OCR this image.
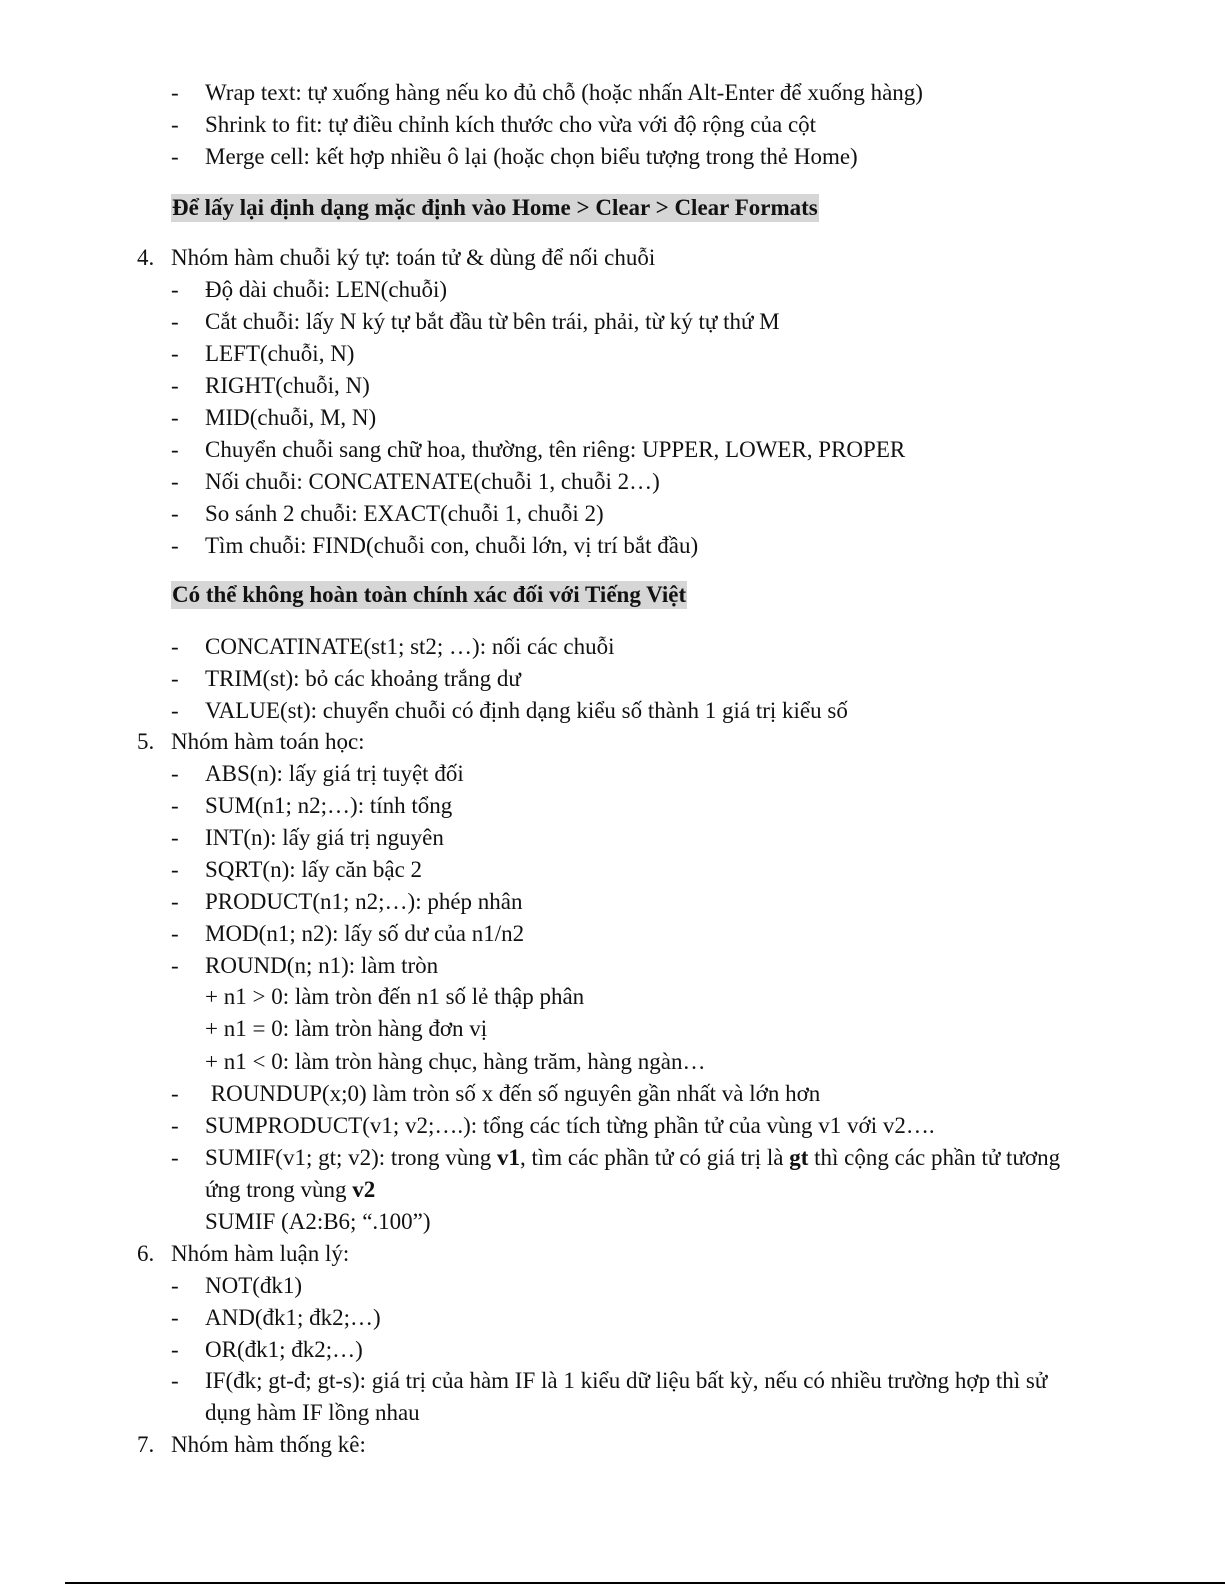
- Wrap text: tự xuống hàng nếu ko đủ chỗ (hoặc nhấn Alt-Enter để xuống hàng)
- Shrink to fit: tự điều chỉnh kích thước cho vừa với độ rộng của cột
- Merge cell: kết hợp nhiều ô lại (hoặc chọn biểu tượng trong thẻ Home)
Để lấy lại định dạng mặc định vào Home > Clear > Clear Formats
4. Nhóm hàm chuỗi ký tự: toán tử & dùng để nối chuỗi
- Độ dài chuỗi: LEN(chuỗi)
- Cắt chuỗi: lấy N ký tự bắt đầu từ bên trái, phải, từ ký tự thứ M
- LEFT(chuỗi, N)
- RIGHT(chuỗi, N)
- MID(chuỗi, M, N)
- Chuyển chuỗi sang chữ hoa, thường, tên riêng: UPPER, LOWER, PROPER
- Nối chuỗi: CONCATENATE(chuỗi 1, chuỗi 2…)
- So sánh 2 chuỗi: EXACT(chuỗi 1, chuỗi 2)
- Tìm chuỗi: FIND(chuỗi con, chuỗi lớn, vị trí bắt đầu)
Có thể không hoàn toàn chính xác đối với Tiếng Việt
- CONCATINATE(st1; st2; …): nối các chuỗi
- TRIM(st): bỏ các khoảng trắng dư
- VALUE(st): chuyển chuỗi có định dạng kiểu số thành 1 giá trị kiểu số
5. Nhóm hàm toán học:
- ABS(n): lấy giá trị tuyệt đối
- SUM(n1; n2;…): tính tổng
- INT(n): lấy giá trị nguyên
- SQRT(n): lấy căn bậc 2
- PRODUCT(n1; n2;…): phép nhân
- MOD(n1; n2): lấy số dư của n1/n2
- ROUND(n; n1): làm tròn
+ n1 > 0: làm tròn đến n1 số lẻ thập phân
+ n1 = 0: làm tròn hàng đơn vị
+ n1 < 0: làm tròn hàng chục, hàng trăm, hàng ngàn…
- ROUNDUP(x;0) làm tròn số x đến số nguyên gần nhất và lớn hơn
- SUMPRODUCT(v1; v2;….): tổng các tích từng phần tử của vùng v1 với v2….
- SUMIF(v1; gt; v2): trong vùng v1, tìm các phần tử có giá trị là gt thì cộng các phần tử tương
ứng trong vùng v2
SUMIF (A2:B6; “.100”)
6. Nhóm hàm luận lý:
- NOT(đk1)
- AND(đk1; đk2;…)
- OR(đk1; đk2;…)
- IF(đk; gt-đ; gt-s): giá trị của hàm IF là 1 kiểu dữ liệu bất kỳ, nếu có nhiều trường hợp thì sử
dụng hàm IF lồng nhau
7. Nhóm hàm thống kê:
